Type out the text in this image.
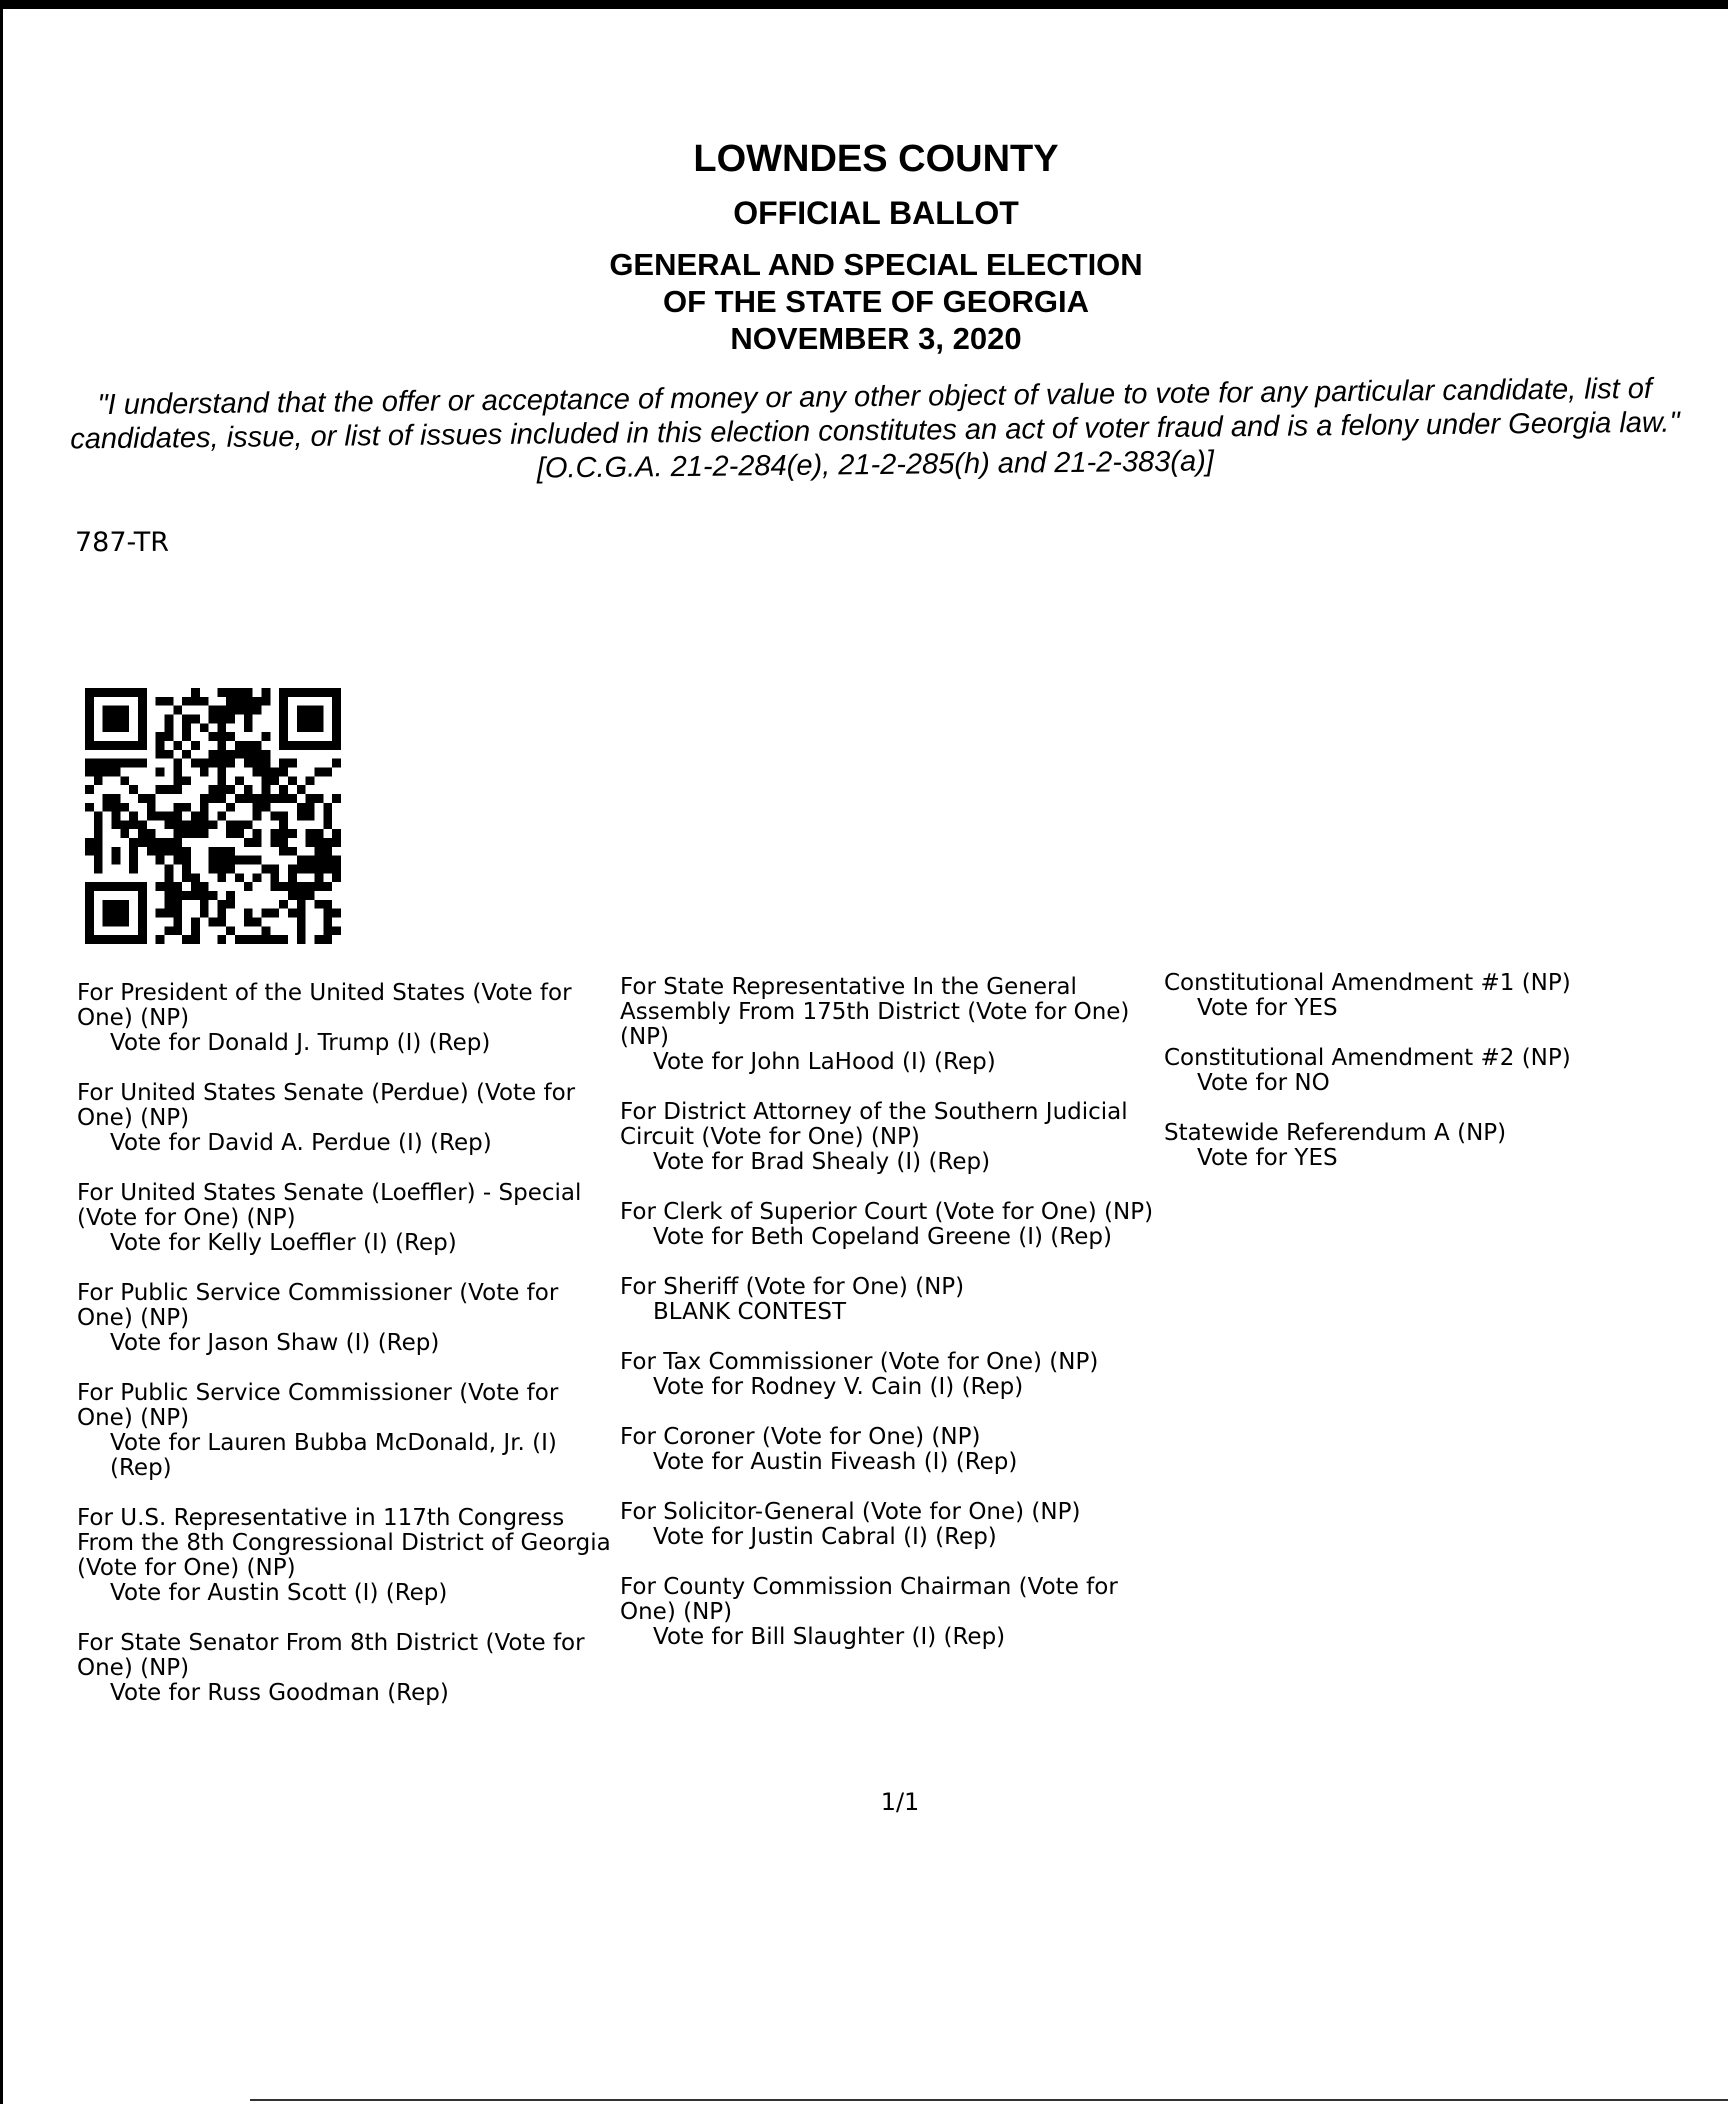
LOWNDES COUNTY
OFFICIAL BALLOT
GENERAL AND SPECIAL ELECTION
OF THE STATE OF GEORGIA
NOVEMBER 3, 2020
"I understand that the offer or acceptance of money or any other object of value to vote for any particular candidate, list of candidates, issue, or list of issues included in this election constitutes an act of voter fraud and is a felony under Georgia law."[O.C.G.A. 21-2-284(e), 21-2-285(h) and 21-2-383(a)]
787-TR
For President of the United States (Vote for One) (NP)
Vote for Donald J. Trump (I) (Rep)
For United States Senate (Perdue) (Vote for One) (NP)
Vote for David A. Perdue (I) (Rep)
For United States Senate (Loeffler) - Special (Vote for One) (NP)
Vote for Kelly Loeffler (I) (Rep)
For Public Service Commissioner (Vote for One) (NP)
Vote for Jason Shaw (I) (Rep)
For Public Service Commissioner (Vote for One) (NP)
Vote for Lauren Bubba McDonald, Jr. (I) (Rep)
For U.S. Representative in 117th Congress From the 8th Congressional District of Georgia (Vote for One) (NP)
Vote for Austin Scott (I) (Rep)
For State Senator From 8th District (Vote for One) (NP)
Vote for Russ Goodman (Rep)
For State Representative In the General Assembly From 175th District (Vote for One) (NP)
Vote for John LaHood (I) (Rep)
For District Attorney of the Southern Judicial Circuit (Vote for One) (NP)
Vote for Brad Shealy (I) (Rep)
For Clerk of Superior Court (Vote for One) (NP)
Vote for Beth Copeland Greene (I) (Rep)
For Sheriff (Vote for One) (NP)
BLANK CONTEST
For Tax Commissioner (Vote for One) (NP)
Vote for Rodney V. Cain (I) (Rep)
For Coroner (Vote for One) (NP)
Vote for Austin Fiveash (I) (Rep)
For Solicitor-General (Vote for One) (NP)
Vote for Justin Cabral (I) (Rep)
For County Commission Chairman (Vote for One) (NP)
Vote for Bill Slaughter (I) (Rep)
Constitutional Amendment #1 (NP)
Vote for YES
Constitutional Amendment #2 (NP)
Vote for NO
Statewide Referendum A (NP)
Vote for YES
1/1
